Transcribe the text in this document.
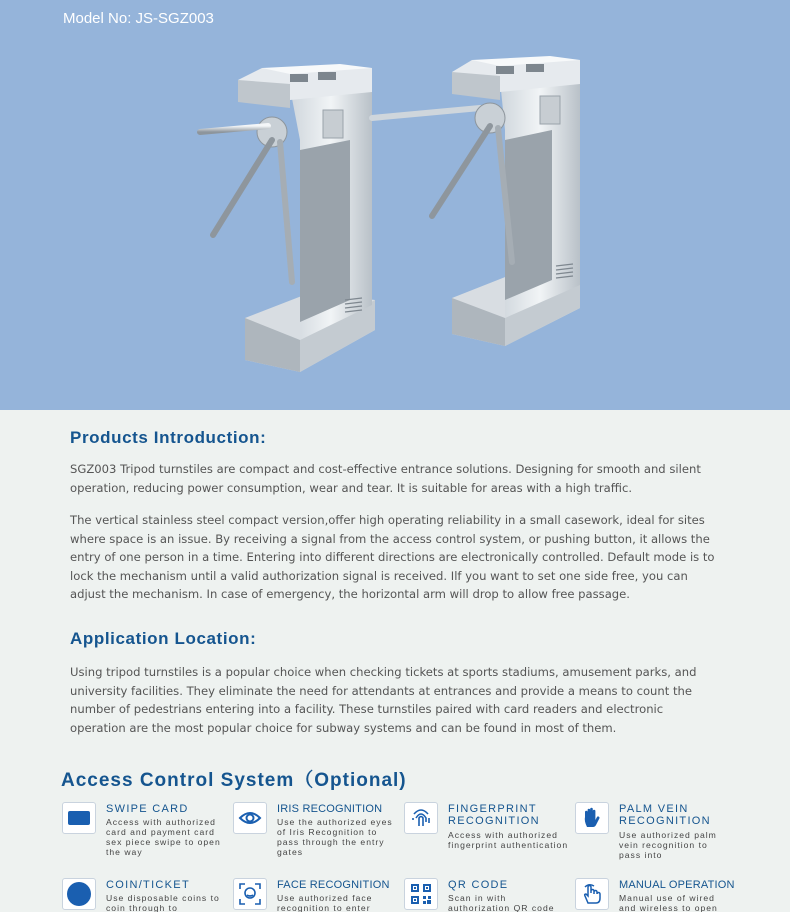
Model No: JS-SGZ003
Products Introduction:
SGZ003 Tripod turnstiles are compact and cost-effective entrance solutions. Designing for smooth and silent operation, reducing power consumption, wear and tear. It is suitable for areas with a high traffic.
The vertical stainless steel compact version,offer high operating reliability in a small casework, ideal for sites where space is an issue. By receiving a signal from the access control system, or pushing button, it allows the entry of one person in a time. Entering into different directions are electronically controlled. Default mode is to lock the mechanism until a valid authorization signal is received. Ilf you want to set one side free, you can adjust the mechanism. In case of emergency, the horizontal arm will drop to allow free passage.
Application Location:
Using tripod turnstiles is a popular choice when checking tickets at sports stadiums, amusement parks, and university facilities. They eliminate the need for attendants at entrances and provide a means to count the number of pedestrians entering into a facility. These turnstiles paired with card readers and electronic operation are the most popular choice for subway systems and can be found in most of them.
Access Control System（Optional)
SWIPE CARD
Access with authorized card and payment card sex piece swipe to open the way
IRIS RECOGNITION
Use the authorized eyes of Iris Recognition to pass through the entry gates
FINGERPRINT RECOGNITION
Access with authorized fingerprint authentication
PALM VEIN RECOGNITION
Use authorized palm vein recognition to pass into
COIN/TICKET
Use disposable coins to coin through to
FACE RECOGNITION
Use authorized face recognition to enter
QR CODE
Scan in with authorization QR code
MANUAL OPERATION
Manual use of wired and wireless to open
